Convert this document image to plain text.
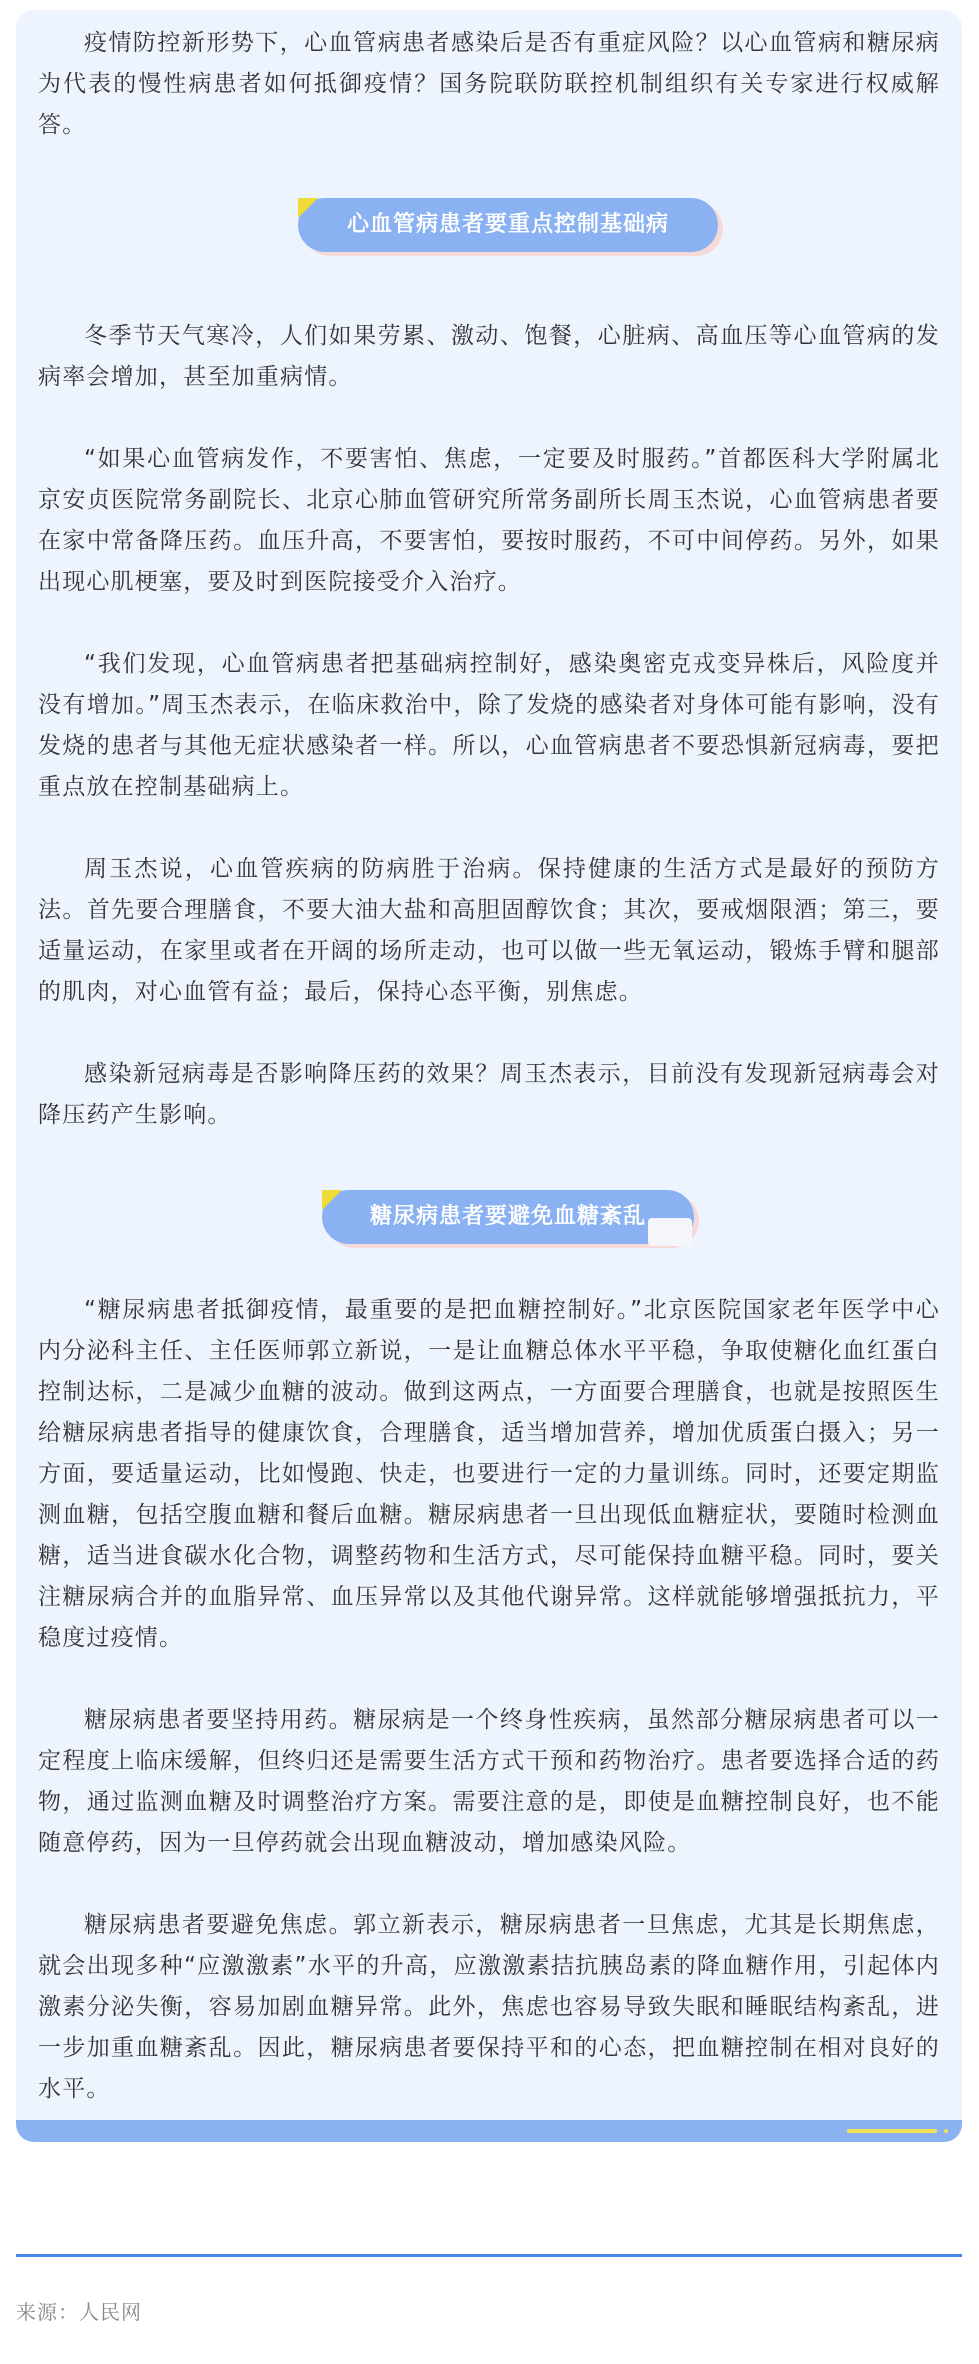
疫情防控新形势下，心血管病患者感染后是否有重症风险？以心血管病和糖尿病为代表的慢性病患者如何抵御疫情？国务院联防联控机制组织有关专家进行权威解答。

心血管病患者要重点控制基础病

冬季节天气寒冷，人们如果劳累、激动、饱餐，心脏病、高血压等心血管病的发病率会增加，甚至加重病情。

“如果心血管病发作，不要害怕、焦虑，一定要及时服药。”首都医科大学附属北京安贞医院常务副院长、北京心肺血管研究所常务副所长周玉杰说，心血管病患者要在家中常备降压药。血压升高，不要害怕，要按时服药，不可中间停药。另外，如果出现心肌梗塞，要及时到医院接受介入治疗。

“我们发现，心血管病患者把基础病控制好，感染奥密克戎变异株后，风险度并没有增加。”周玉杰表示，在临床救治中，除了发烧的感染者对身体可能有影响，没有发烧的患者与其他无症状感染者一样。所以，心血管病患者不要恐惧新冠病毒，要把重点放在控制基础病上。

周玉杰说，心血管疾病的防病胜于治病。保持健康的生活方式是最好的预防方法。首先要合理膳食，不要大油大盐和高胆固醇饮食；其次，要戒烟限酒；第三，要适量运动，在家里或者在开阔的场所走动，也可以做一些无氧运动，锻炼手臂和腿部的肌肉，对心血管有益；最后，保持心态平衡，别焦虑。

感染新冠病毒是否影响降压药的效果？周玉杰表示，目前没有发现新冠病毒会对降压药产生影响。

糖尿病患者要避免血糖紊乱

“糖尿病患者抵御疫情，最重要的是把血糖控制好。”北京医院国家老年医学中心内分泌科主任、主任医师郭立新说，一是让血糖总体水平平稳，争取使糖化血红蛋白控制达标，二是减少血糖的波动。做到这两点，一方面要合理膳食，也就是按照医生给糖尿病患者指导的健康饮食，合理膳食，适当增加营养，增加优质蛋白摄入；另一方面，要适量运动，比如慢跑、快走，也要进行一定的力量训练。同时，还要定期监测血糖，包括空腹血糖和餐后血糖。糖尿病患者一旦出现低血糖症状，要随时检测血糖，适当进食碳水化合物，调整药物和生活方式，尽可能保持血糖平稳。同时，要关注糖尿病合并的血脂异常、血压异常以及其他代谢异常。这样就能够增强抵抗力，平稳度过疫情。

糖尿病患者要坚持用药。糖尿病是一个终身性疾病，虽然部分糖尿病患者可以一定程度上临床缓解，但终归还是需要生活方式干预和药物治疗。患者要选择合适的药物，通过监测血糖及时调整治疗方案。需要注意的是，即使是血糖控制良好，也不能随意停药，因为一旦停药就会出现血糖波动，增加感染风险。

糖尿病患者要避免焦虑。郭立新表示，糖尿病患者一旦焦虑，尤其是长期焦虑，就会出现多种“应激激素”水平的升高，应激激素拮抗胰岛素的降血糖作用，引起体内激素分泌失衡，容易加剧血糖异常。此外，焦虑也容易导致失眠和睡眠结构紊乱，进一步加重血糖紊乱。因此，糖尿病患者要保持平和的心态，把血糖控制在相对良好的水平。

来源：人民网
